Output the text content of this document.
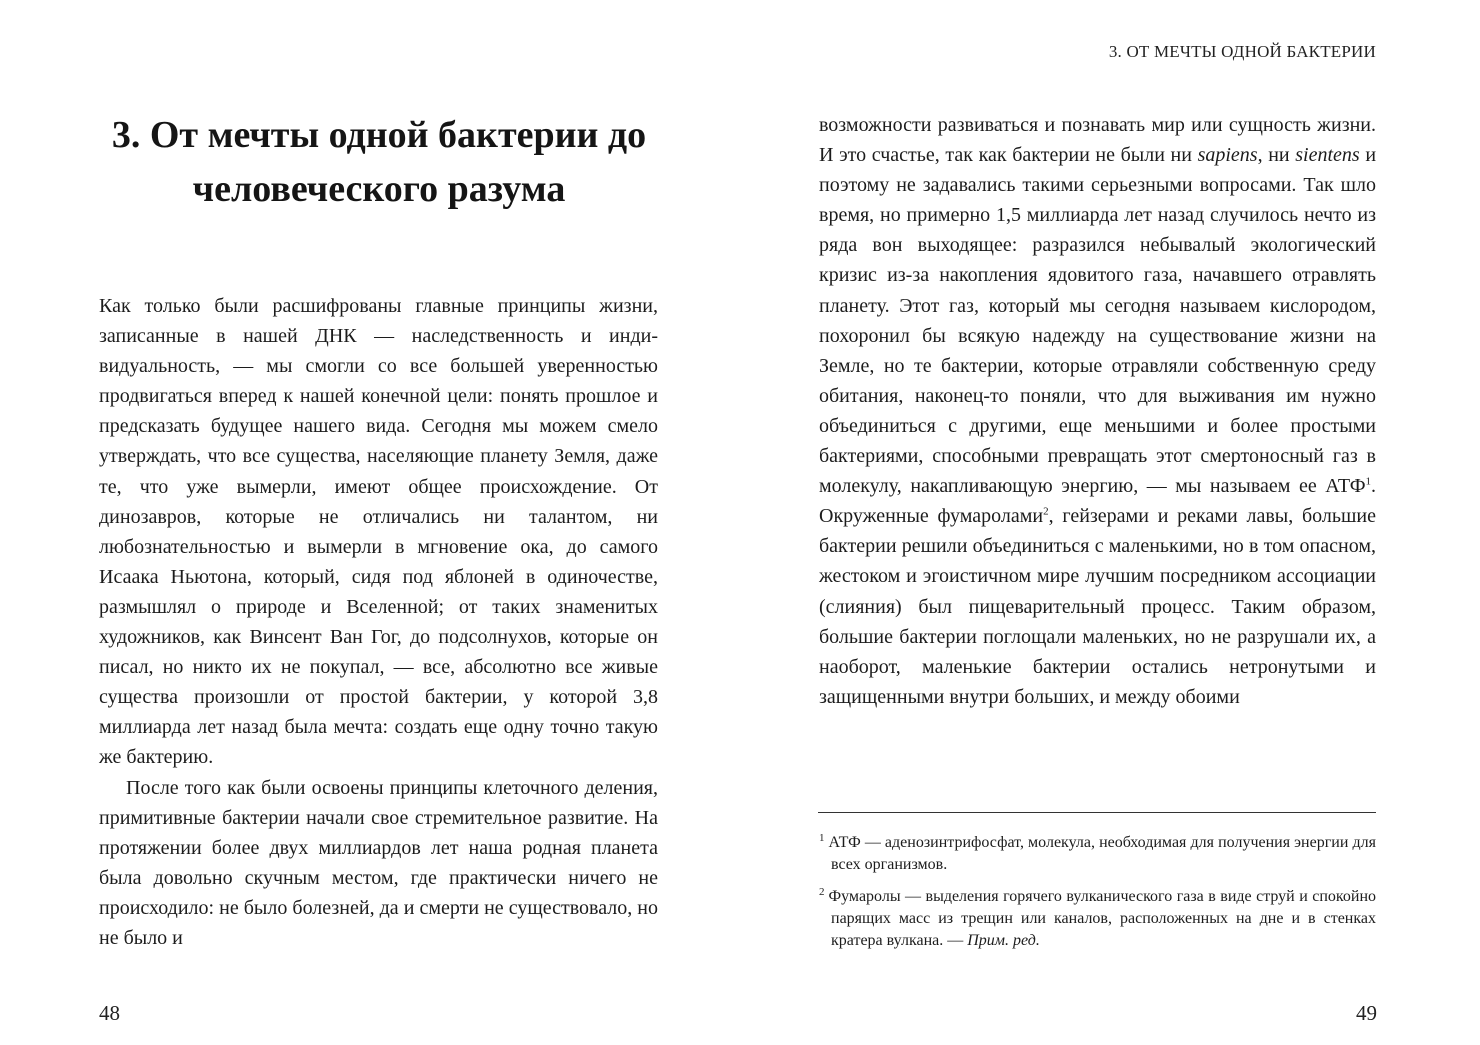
3. От мечты одной бактерии до человеческого разума

Как только были расшифрованы главные принципы жизни, записанные в нашей ДНК — наследственность и индивидуальность, — мы смогли со все большей уверенностью продвигаться вперед к нашей конечной цели: понять прошлое и предсказать будущее нашего вида. Сегодня мы можем смело утверждать, что все существа, населяющие планету Земля, даже те, что уже вымерли, имеют общее происхождение. От динозавров, которые не отличались ни талантом, ни любознательностью и вымерли в мгновение ока, до самого Исаака Ньютона, который, сидя под яблоней в одиночестве, размышлял о природе и Вселенной; от таких знаменитых художников, как Винсент Ван Гог, до подсолнухов, которые он писал, но никто их не покупал, — все, абсолютно все живые существа произошли от простой бактерии, у которой 3,8 миллиарда лет назад была мечта: создать еще одну точно такую же бактерию.

После того как были освоены принципы клеточного деления, примитивные бактерии начали свое стремительное развитие. На протяжении более двух миллиардов лет наша родная планета была довольно скучным местом, где практически ничего не происходило: не было болезней, да и смерти не существовало, но не было и

48
3. ОТ МЕЧТЫ ОДНОЙ БАКТЕРИИ

возможности развиваться и познавать мир или сущность жизни. И это счастье, так как бактерии не были ни sapiens, ни sientens и поэтому не задавались такими серьезными вопросами. Так шло время, но примерно 1,5 миллиарда лет назад случилось нечто из ряда вон выходящее: разразился небывалый экологический кризис из-за накопления ядовитого газа, начавшего отравлять планету. Этот газ, который мы сегодня называем кислородом, похоронил бы всякую надежду на существование жизни на Земле, но те бактерии, которые отравляли собственную среду обитания, наконец-то поняли, что для выживания им нужно объединиться с другими, еще меньшими и более простыми бактериями, способными превращать этот смертоносный газ в молекулу, накапливающую энергию, — мы называем ее АТФ$^1$. Окруженные фумаролами$^2$, гейзерами и реками лавы, большие бактерии решили объединиться с маленькими, но в том опасном, жестоком и эгоистичном мире лучшим посредником ассоциации (слияния) был пищеварительный процесс. Таким образом, большие бактерии поглощали маленьких, но не разрушали их, а наоборот, маленькие бактерии остались нетронутыми и защищенными внутри больших, и между обоими

$^1$ АТФ — аденозинтрифосфат, молекула, необходимая для получения энергии для всех организмов.

$^2$ Фумаролы — выделения горячего вулканического газа в виде струй и спокойно парящих масс из трещин или каналов, расположенных на дне и в стенках кратера вулкана. — Прим. ред.

49
